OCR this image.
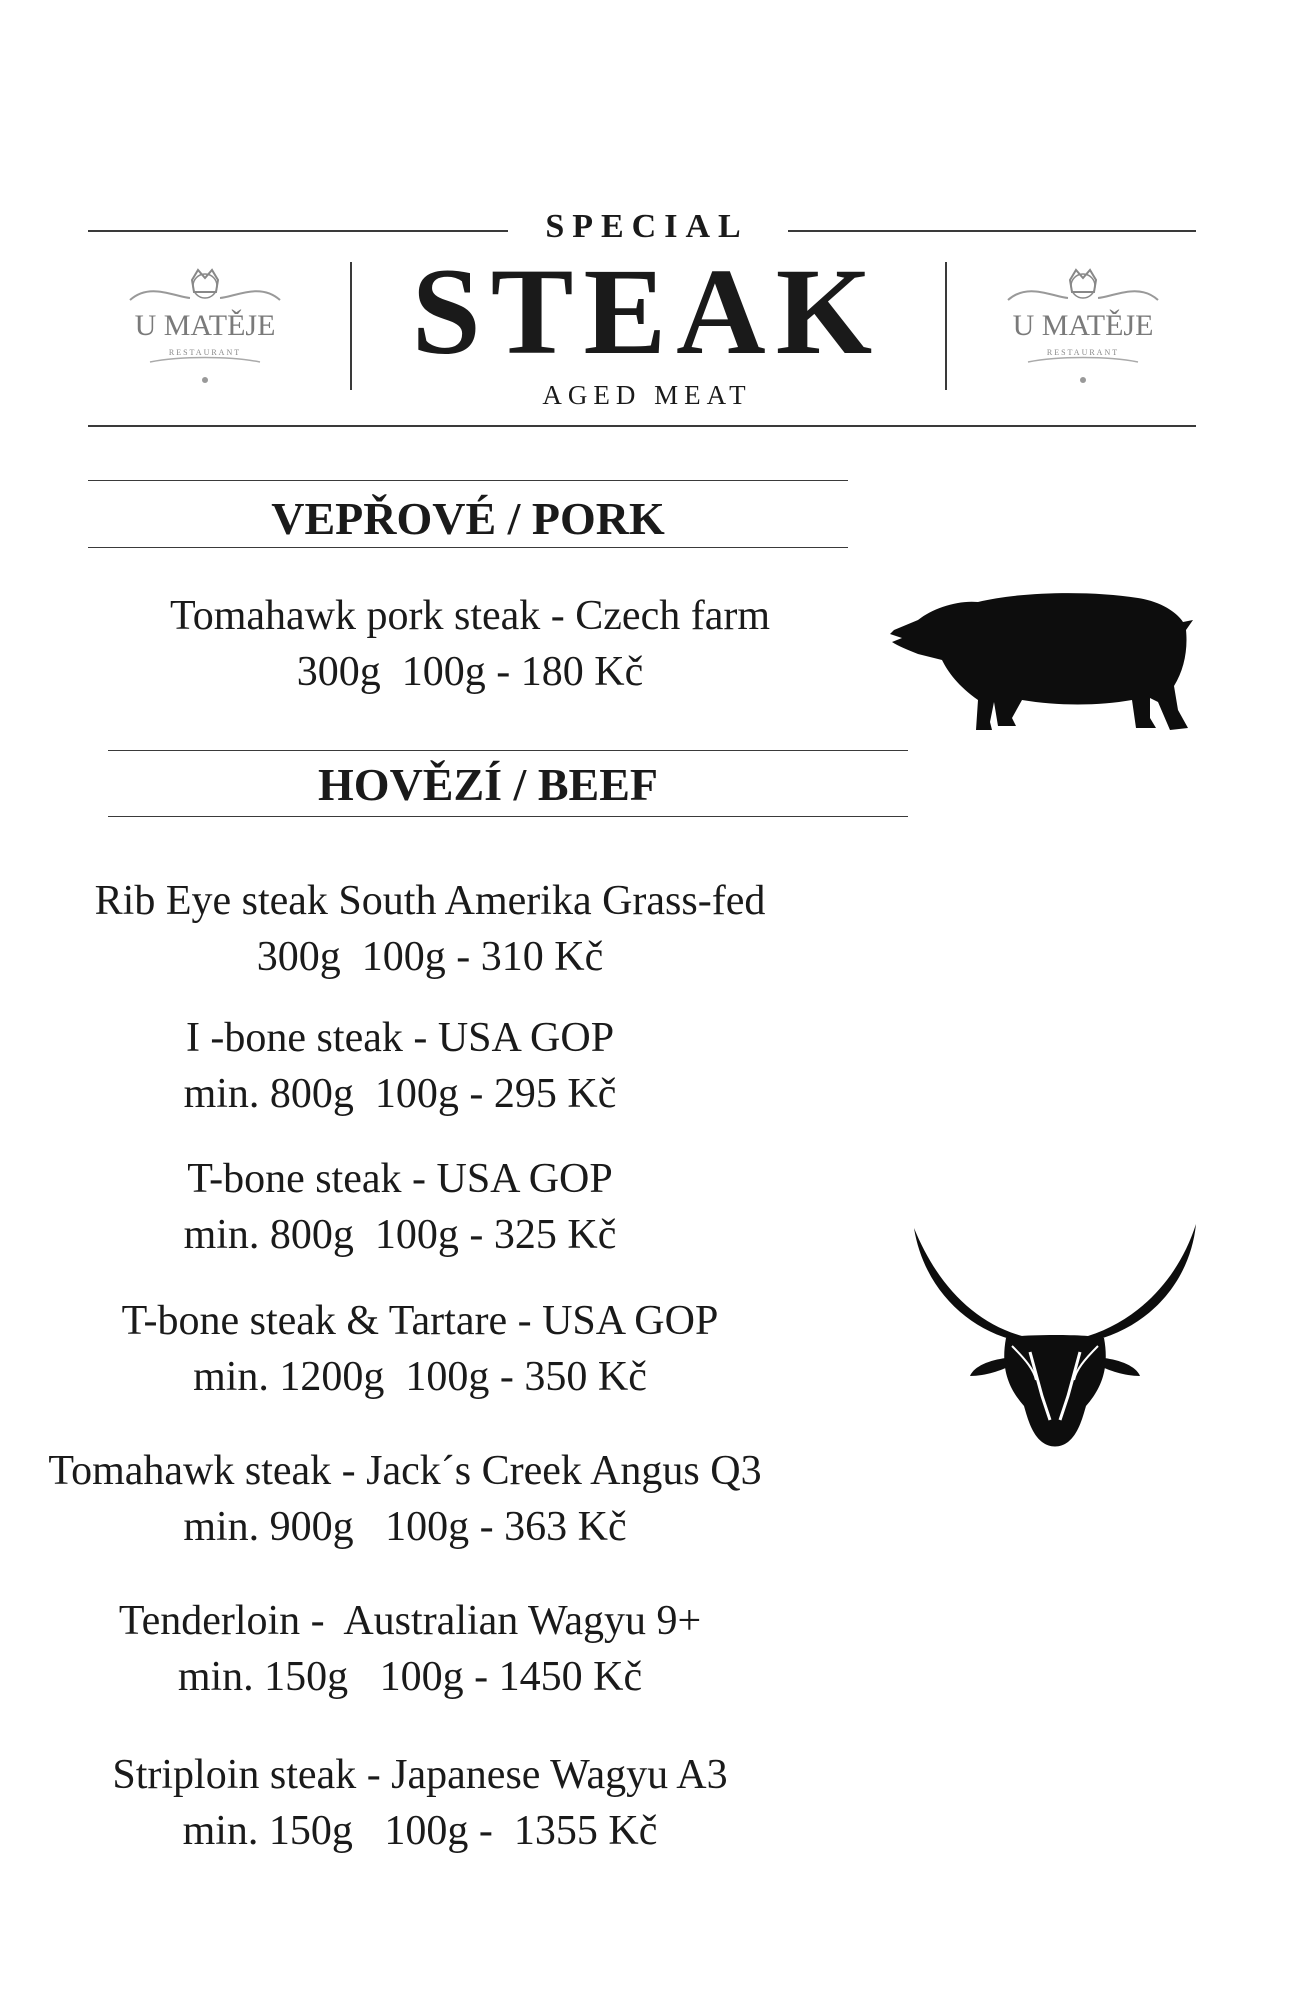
SPECIAL
STEAK
AGED MEAT
U MATĚJE
RESTAURANT
U MATĚJE
RESTAURANT
VEPŘOVÉ / PORK
Tomahawk pork steak - Czech farm
300g  100g - 180 Kč
HOVĚZÍ / BEEF
Rib Eye steak South Amerika Grass-fed
300g  100g - 310 Kč
I -bone steak - USA GOP
min. 800g  100g - 295 Kč
T-bone steak - USA GOP
min. 800g  100g - 325 Kč
T-bone steak & Tartare - USA GOP
min. 1200g  100g - 350 Kč
Tomahawk steak - Jack´s Creek Angus Q3
min. 900g   100g - 363 Kč
Tenderloin -  Australian Wagyu 9+
min. 150g   100g - 1450 Kč
Striploin steak - Japanese Wagyu A3
min. 150g   100g -  1355 Kč
